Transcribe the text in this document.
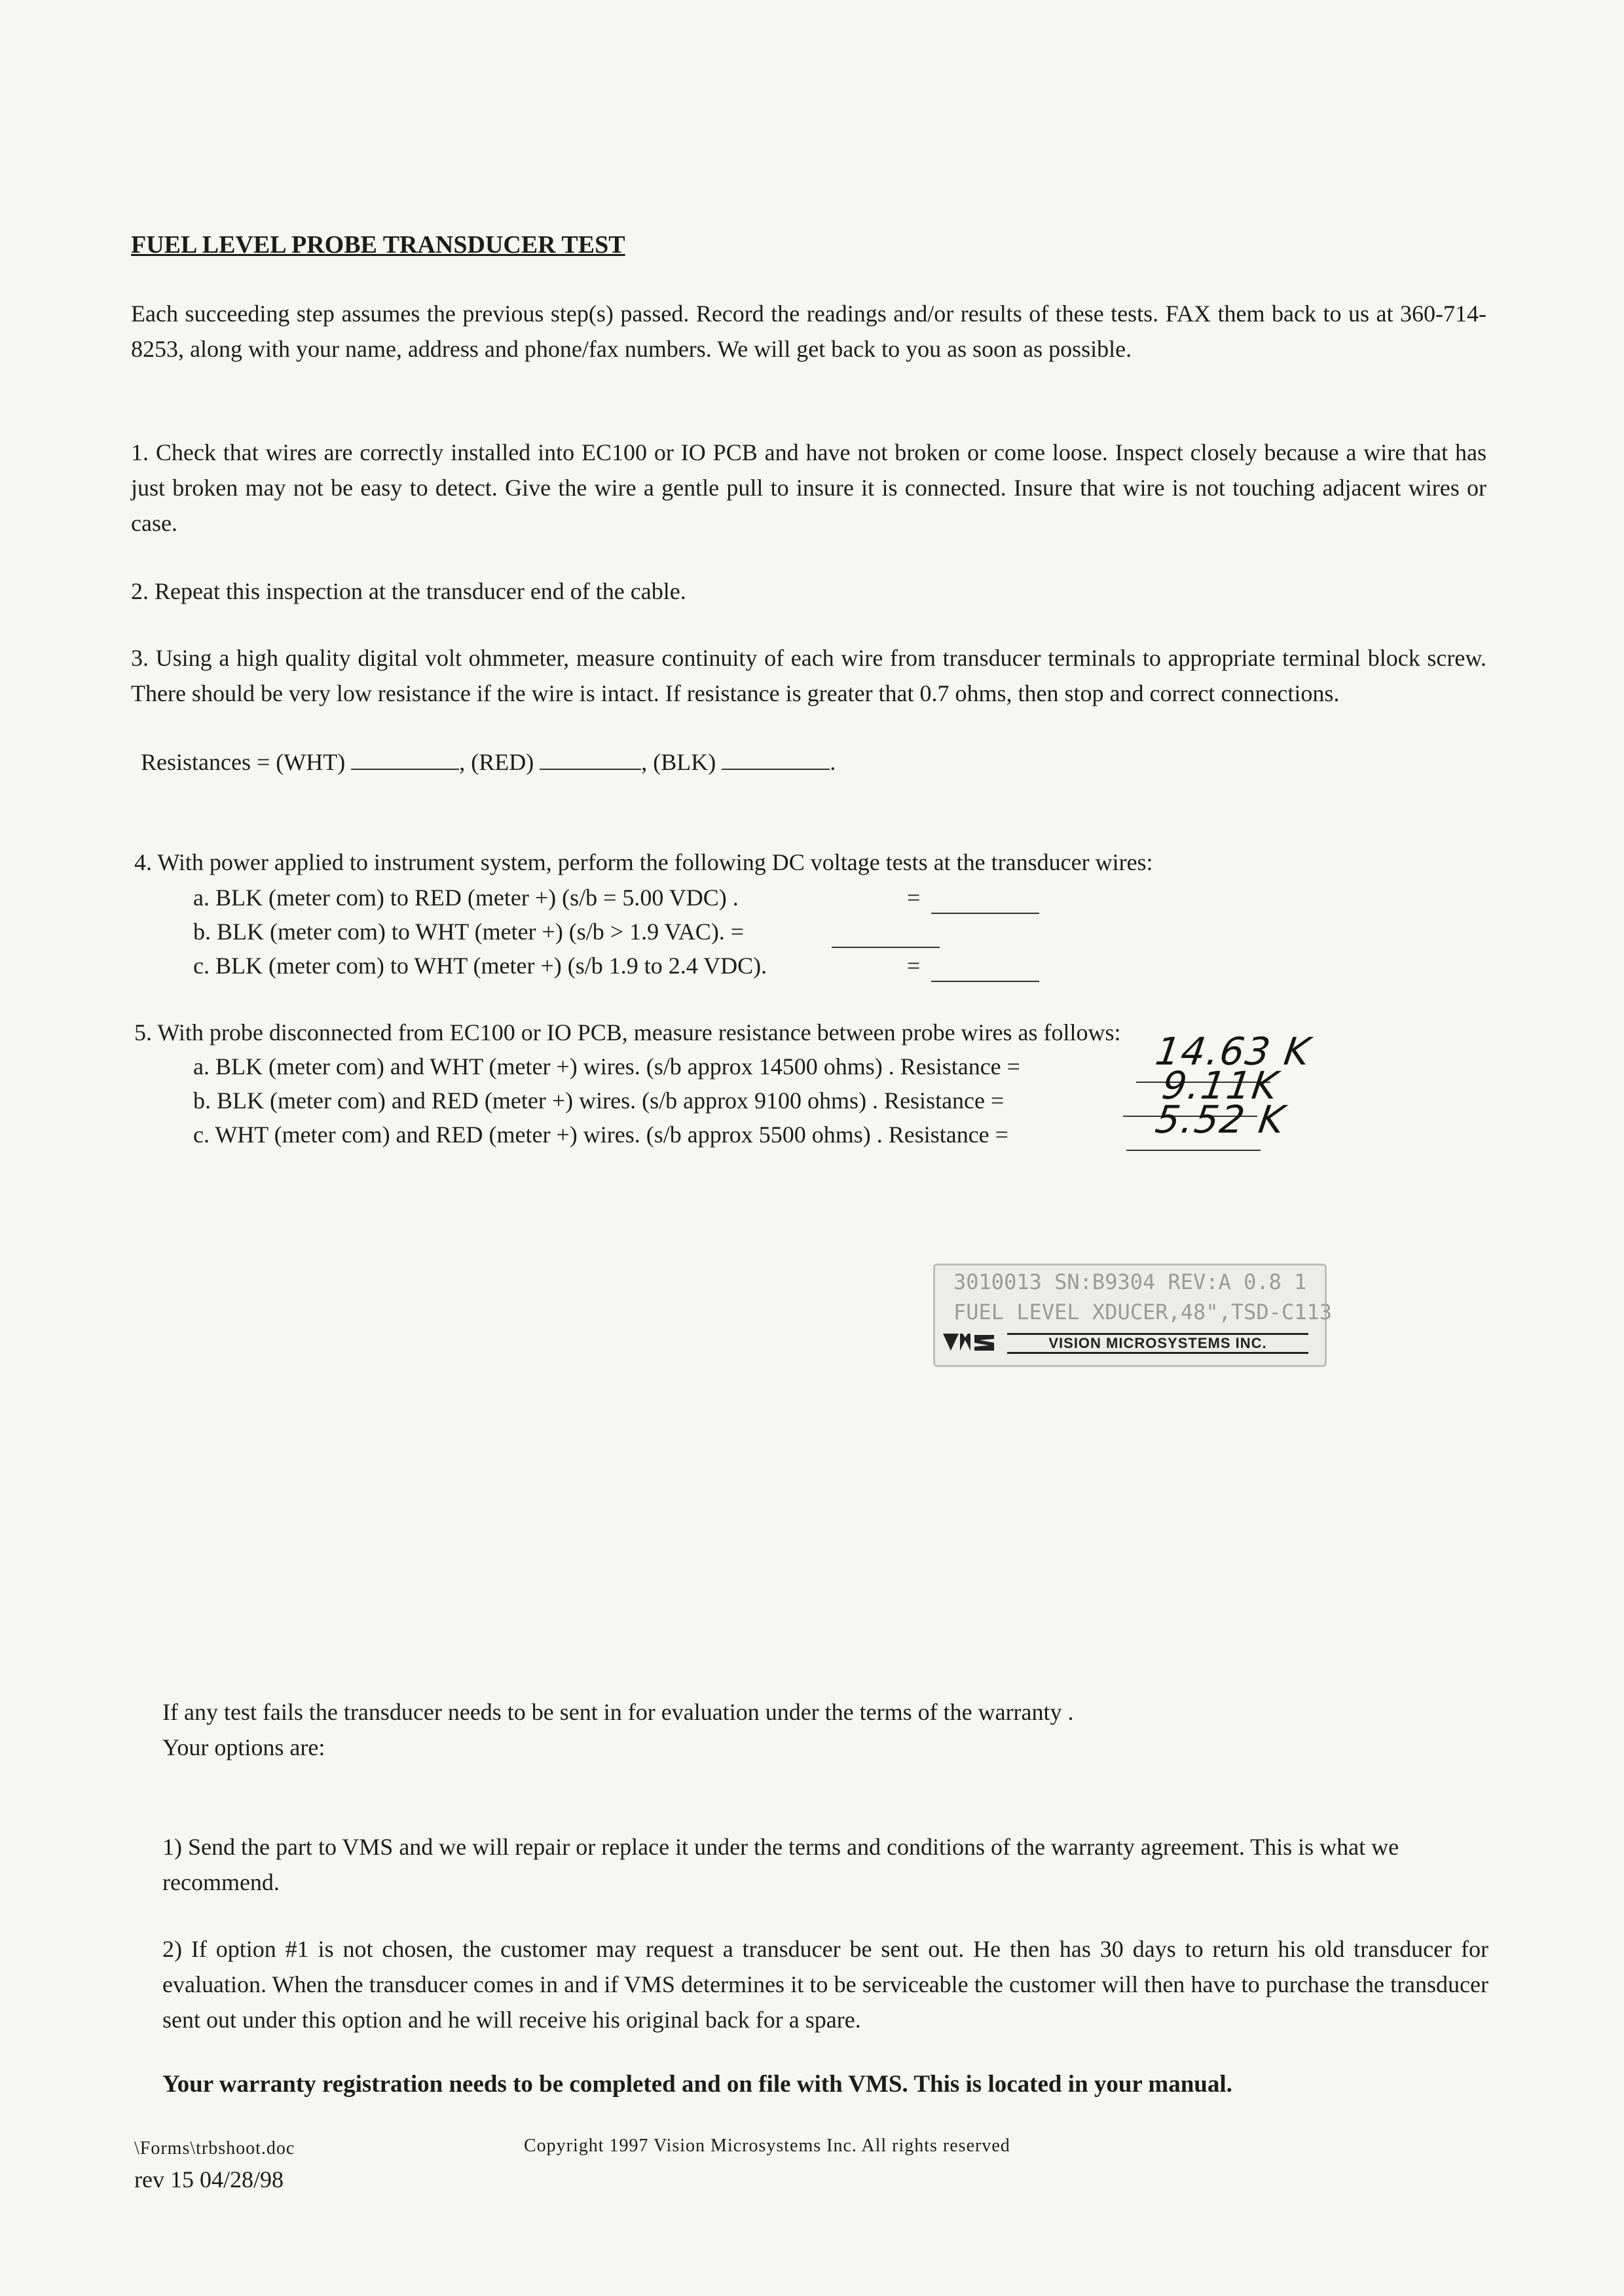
FUEL LEVEL PROBE TRANSDUCER TEST
Each succeeding step assumes the previous step(s) passed. Record the readings and/or results of these tests. FAX them back to us at 360-714-8253, along with your name, address and phone/fax numbers. We will get back to you as soon as possible.
1. Check that wires are correctly installed into EC100 or IO PCB and have not broken or come loose. Inspect closely because a wire that has just broken may not be easy to detect. Give the wire a gentle pull to insure it is connected. Insure that wire is not touching adjacent wires or case.
2. Repeat this inspection at the transducer end of the cable.
3. Using a high quality digital volt ohmmeter, measure continuity of each wire from transducer terminals to appropriate terminal block screw. There should be very low resistance if the wire is intact. If resistance is greater that 0.7 ohms, then stop and correct connections.
Resistances = (WHT)	, (RED)	, (BLK)	.
4. With power applied to instrument system, perform the following DC voltage tests at the transducer wires:
a. BLK (meter com) to RED (meter +) (s/b = 5.00 VDC) .	=
b. BLK (meter com) to WHT (meter +) (s/b > 1.9 VAC). =
c. BLK (meter com) to WHT (meter +) (s/b 1.9 to 2.4 VDC).	=
5. With probe disconnected from EC100 or IO PCB, measure resistance between probe wires as follows:
a. BLK (meter com) and WHT (meter +) wires. (s/b approx 14500 ohms) . Resistance =	14.63 K
b. BLK (meter com) and RED (meter +) wires. (s/b approx 9100 ohms) . Resistance =	9.11K
c. WHT (meter com) and RED (meter +) wires. (s/b approx 5500 ohms) . Resistance =	5.52 K
3010013 SN:B9304 REV:A 0.8 1
FUEL LEVEL XDUCER,48",TSD-C113
VISION MICROSYSTEMS INC.
If any test fails the transducer needs to be sent in for evaluation under the terms of the warranty .
Your options are:
1) Send the part to VMS and we will repair or replace it under the terms and conditions of the warranty agreement. This is what we recommend.
2) If option #1 is not chosen, the customer may request a transducer be sent out. He then has 30 days to return his old transducer for evaluation. When the transducer comes in and if VMS determines it to be serviceable the customer will then have to purchase the transducer sent out under this option and he will receive his original back for a spare.
Your warranty registration needs to be completed and on file with VMS. This is located in your manual.
\Forms\trbshoot.doc	Copyright 1997 Vision Microsystems Inc. All rights reserved
rev 15 04/28/98
